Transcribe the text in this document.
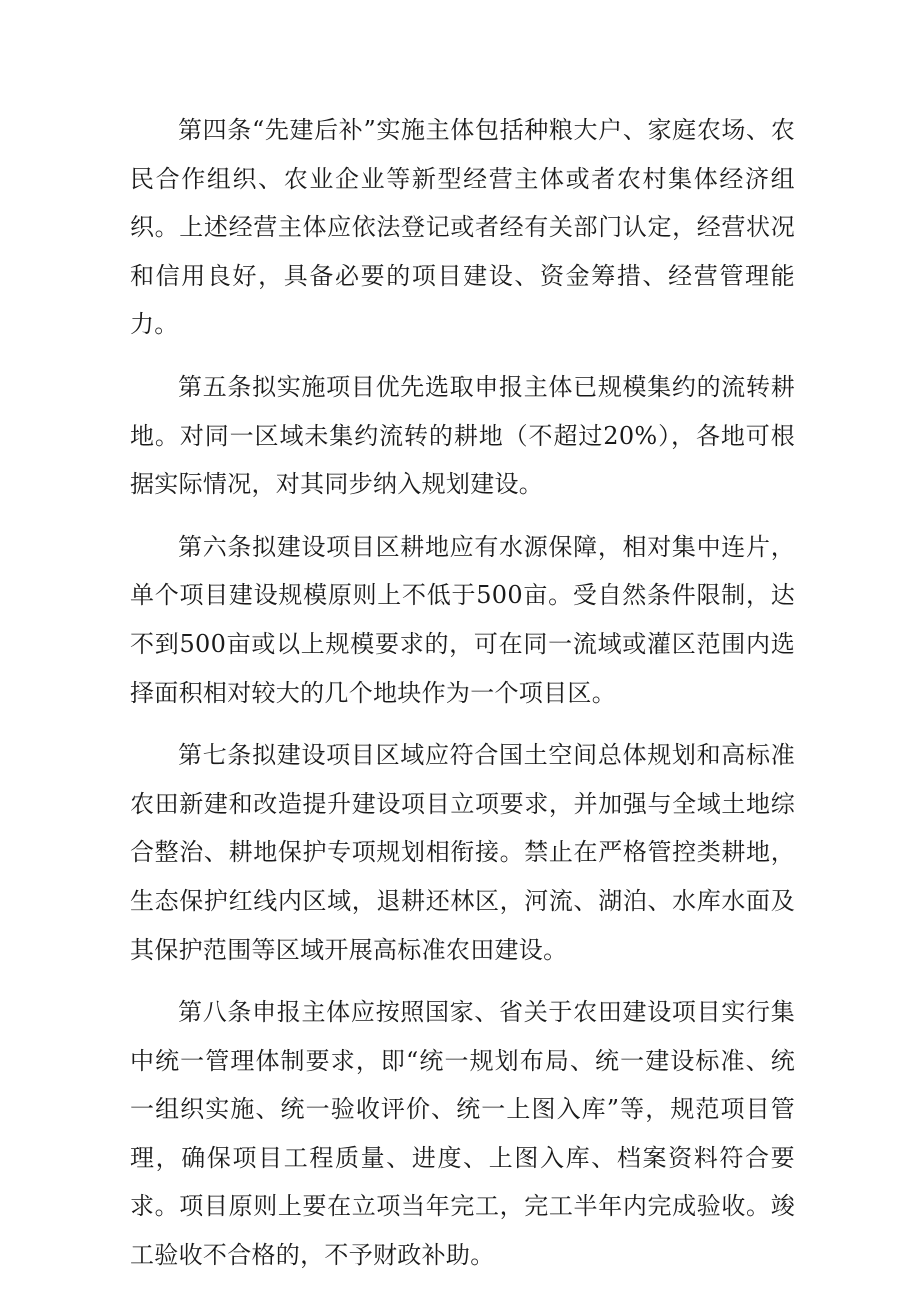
第四条“先建后补”实施主体包括种粮大户、家庭农场、农民合作组织、农业企业等新型经营主体或者农村集体经济组织。上述经营主体应依法登记或者经有关部门认定，经营状况和信用良好，具备必要的项目建设、资金筹措、经营管理能力。

第五条拟实施项目优先选取申报主体已规模集约的流转耕地。对同一区域未集约流转的耕地（不超过20%），各地可根据实际情况，对其同步纳入规划建设。

第六条拟建设项目区耕地应有水源保障，相对集中连片，单个项目建设规模原则上不低于500亩。受自然条件限制，达不到500亩或以上规模要求的，可在同一流域或灌区范围内选择面积相对较大的几个地块作为一个项目区。

第七条拟建设项目区域应符合国土空间总体规划和高标准农田新建和改造提升建设项目立项要求，并加强与全域土地综合整治、耕地保护专项规划相衔接。禁止在严格管控类耕地，生态保护红线内区域，退耕还林区，河流、湖泊、水库水面及其保护范围等区域开展高标准农田建设。

第八条申报主体应按照国家、省关于农田建设项目实行集中统一管理体制要求，即“统一规划布局、统一建设标准、统一组织实施、统一验收评价、统一上图入库”等，规范项目管理，确保项目工程质量、进度、上图入库、档案资料符合要求。项目原则上要在立项当年完工，完工半年内完成验收。竣工验收不合格的，不予财政补助。
